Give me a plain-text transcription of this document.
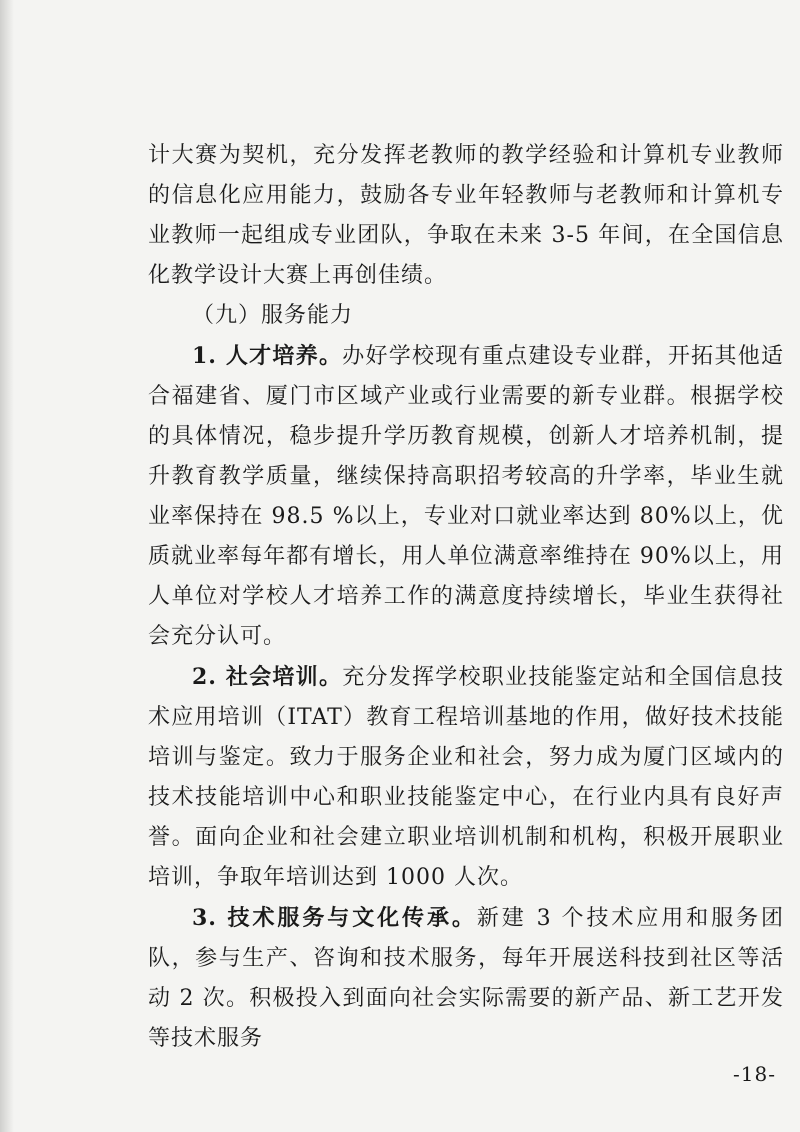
计大赛为契机，充分发挥老教师的教学经验和计算机专业教师的信息化应用能力，鼓励各专业年轻教师与老教师和计算机专业教师一起组成专业团队，争取在未来 3-5 年间，在全国信息化教学设计大赛上再创佳绩。

（九）服务能力

1. 人才培养。办好学校现有重点建设专业群，开拓其他适合福建省、厦门市区域产业或行业需要的新专业群。根据学校的具体情况，稳步提升学历教育规模，创新人才培养机制，提升教育教学质量，继续保持高职招考较高的升学率，毕业生就业率保持在 98.5 %以上，专业对口就业率达到 80%以上，优质就业率每年都有增长，用人单位满意率维持在 90%以上，用人单位对学校人才培养工作的满意度持续增长，毕业生获得社会充分认可。

2. 社会培训。充分发挥学校职业技能鉴定站和全国信息技术应用培训（ITAT）教育工程培训基地的作用，做好技术技能培训与鉴定。致力于服务企业和社会，努力成为厦门区域内的技术技能培训中心和职业技能鉴定中心，在行业内具有良好声誉。面向企业和社会建立职业培训机制和机构，积极开展职业培训，争取年培训达到 1000 人次。

3. 技术服务与文化传承。新建 3 个技术应用和服务团队，参与生产、咨询和技术服务，每年开展送科技到社区等活动 2 次。积极投入到面向社会实际需要的新产品、新工艺开发等技术服务

-18-
